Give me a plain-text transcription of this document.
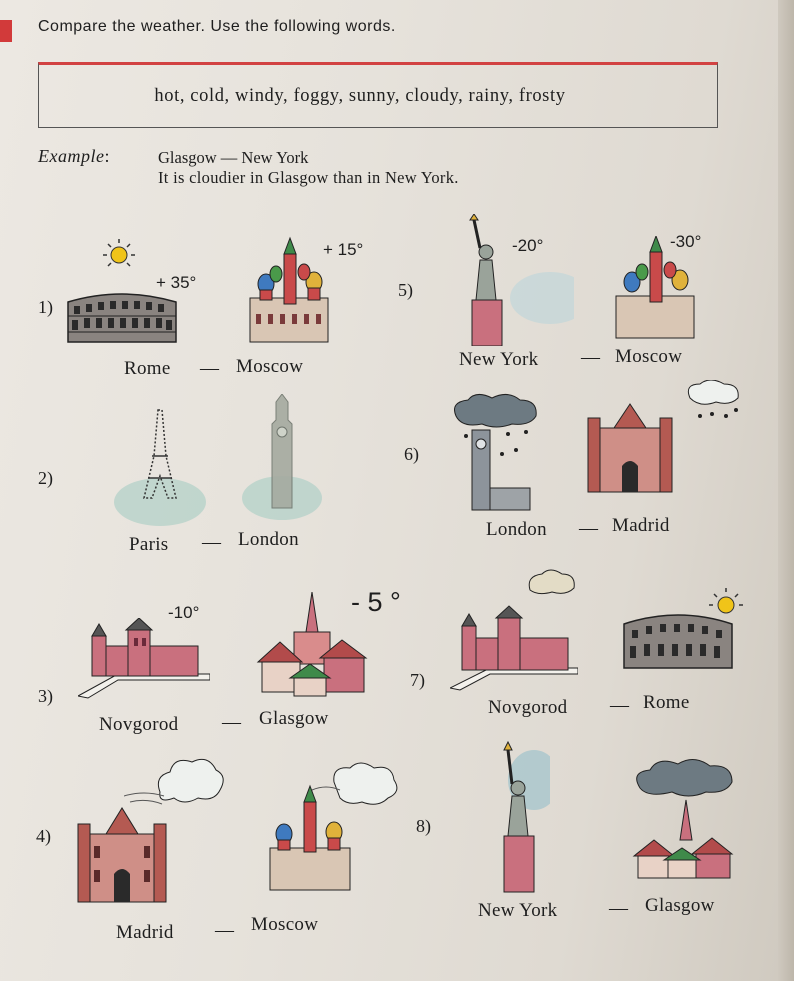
Compare the weather. Use the following words.
hot, cold, windy, foggy, sunny, cloudy, rainy, frosty
Example:	Glasgow — New York
It is cloudier in Glasgow than in New York.
1)
2)
3)
4)
5)
6)
7)
8)
Rome — Moscow
Paris — London
Novgorod — Glasgow
Madrid — Moscow
New York — Moscow
London — Madrid
Novgorod — Rome
New York	— Glasgow
+ 35°
+ 15°
-10°	- 5 °
-20°	-30°
